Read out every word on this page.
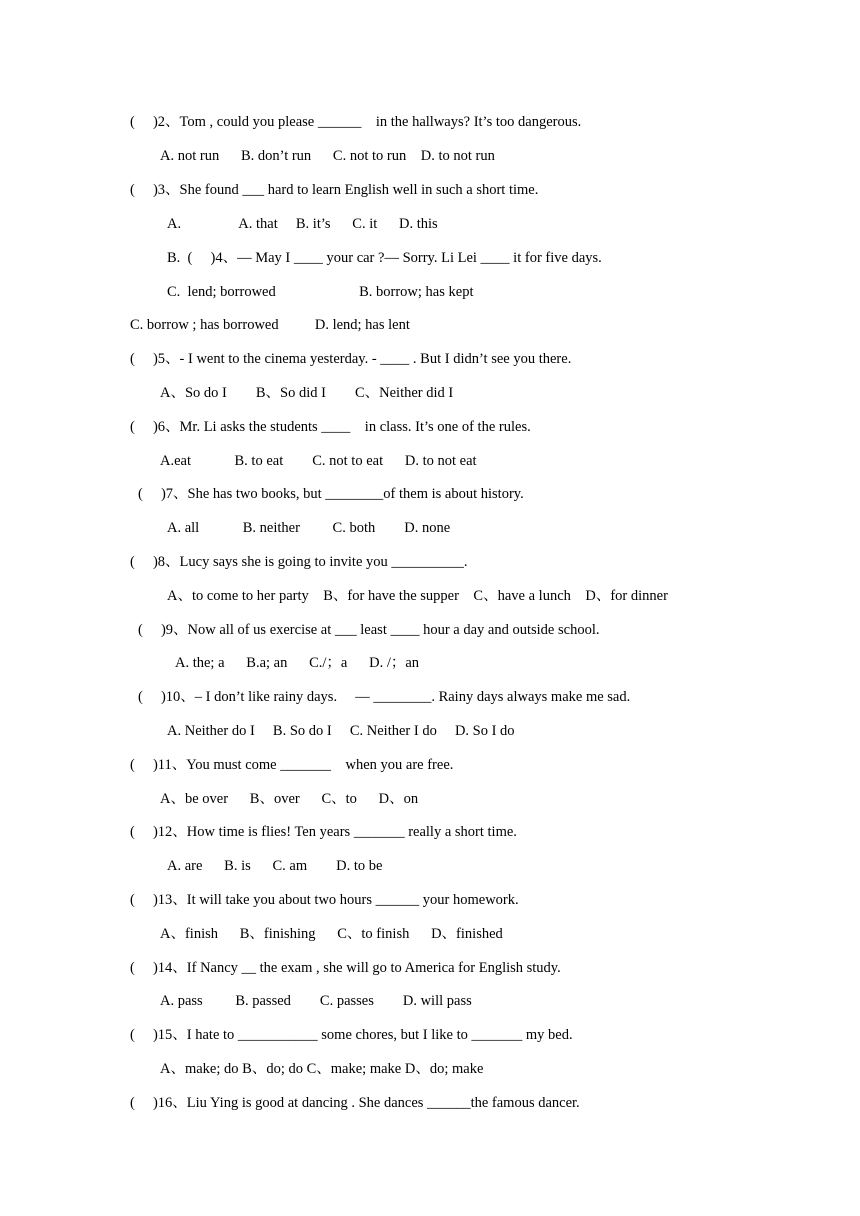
(     )2、Tom , could you please ______    in the hallways? It’s too dangerous.
A. not run      B. don’t run      C. not to run    D. to not run
(     )3、She found ___ hard to learn English well in such a short time.
A.                A. that     B. it’s      C. it      D. this
B.  (     )4、— May I ____ your car ?— Sorry. Li Lei ____ it for five days.
C.  lend; borrowed                       B. borrow; has kept
C. borrow ; has borrowed          D. lend; has lent
(     )5、- I went to the cinema yesterday. - ____ . But I didn’t see you there.
A、So do I        B、So did I        C、Neither did I
(     )6、Mr. Li asks the students ____    in class. It’s one of the rules.
A.eat            B. to eat        C. not to eat      D. to not eat
(     )7、She has two books, but ________of them is about history.
A. all            B. neither         C. both        D. none
(     )8、Lucy says she is going to invite you __________.
A、to come to her party    B、for have the supper    C、have a lunch    D、for dinner
(     )9、Now all of us exercise at ___ least ____ hour a day and outside school.
A. the; a      B.a; an      C./；a      D. /；an
(     )10、– I don’t like rainy days.     — ________. Rainy days always make me sad.
A. Neither do I     B. So do I     C. Neither I do     D. So I do
(     )11、You must come _______    when you are free.
A、be over      B、over      C、to      D、on
(     )12、How time is flies! Ten years _______ really a short time.
A. are      B. is      C. am        D. to be
(     )13、It will take you about two hours ______ your homework.
A、finish      B、finishing      C、to finish      D、finished
(     )14、If Nancy __ the exam , she will go to America for English study.
A. pass         B. passed        C. passes        D. will pass
(     )15、I hate to ___________ some chores, but I like to _______ my bed.
A、make; do B、do; do C、make; make D、do; make
(     )16、Liu Ying is good at dancing . She dances ______the famous dancer.
